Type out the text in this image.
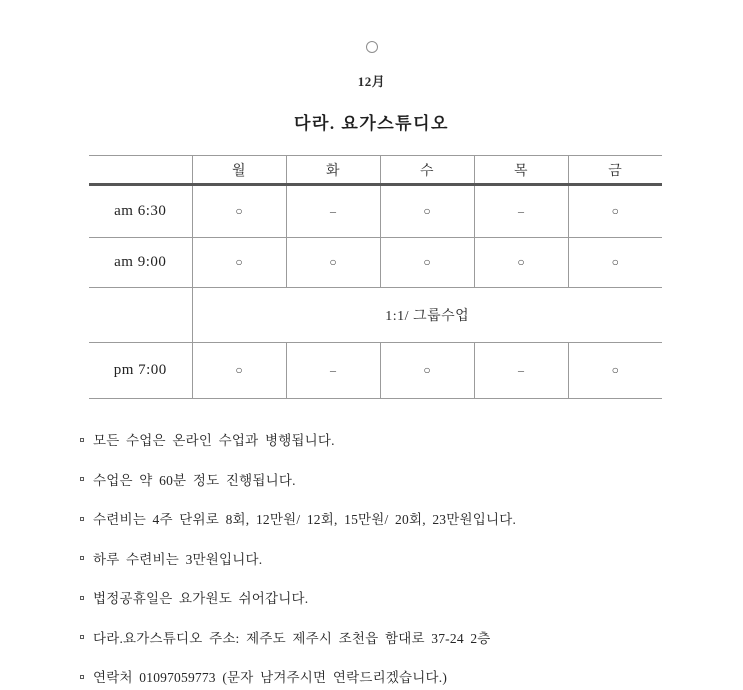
12月
다라. 요가스튜디오
	월	화	수	목	금
am 6:30	○	–	○	–	○
am 9:00	○	○	○	○	○
	1:1/ 그룹수업				
pm 7:00	○	–	○	–	○
모든 수업은 온라인 수업과 병행됩니다.
수업은 약 60분 정도 진행됩니다.
수련비는 4주 단위로 8회, 12만원/ 12회, 15만원/ 20회, 23만원입니다.
하루 수련비는 3만원입니다.
법정공휴일은 요가원도 쉬어갑니다.
다라.요가스튜디오 주소: 제주도 제주시 조천읍 함대로 37-24 2층
연락처 01097059773 (문자 남겨주시면 연락드리겠습니다.)
